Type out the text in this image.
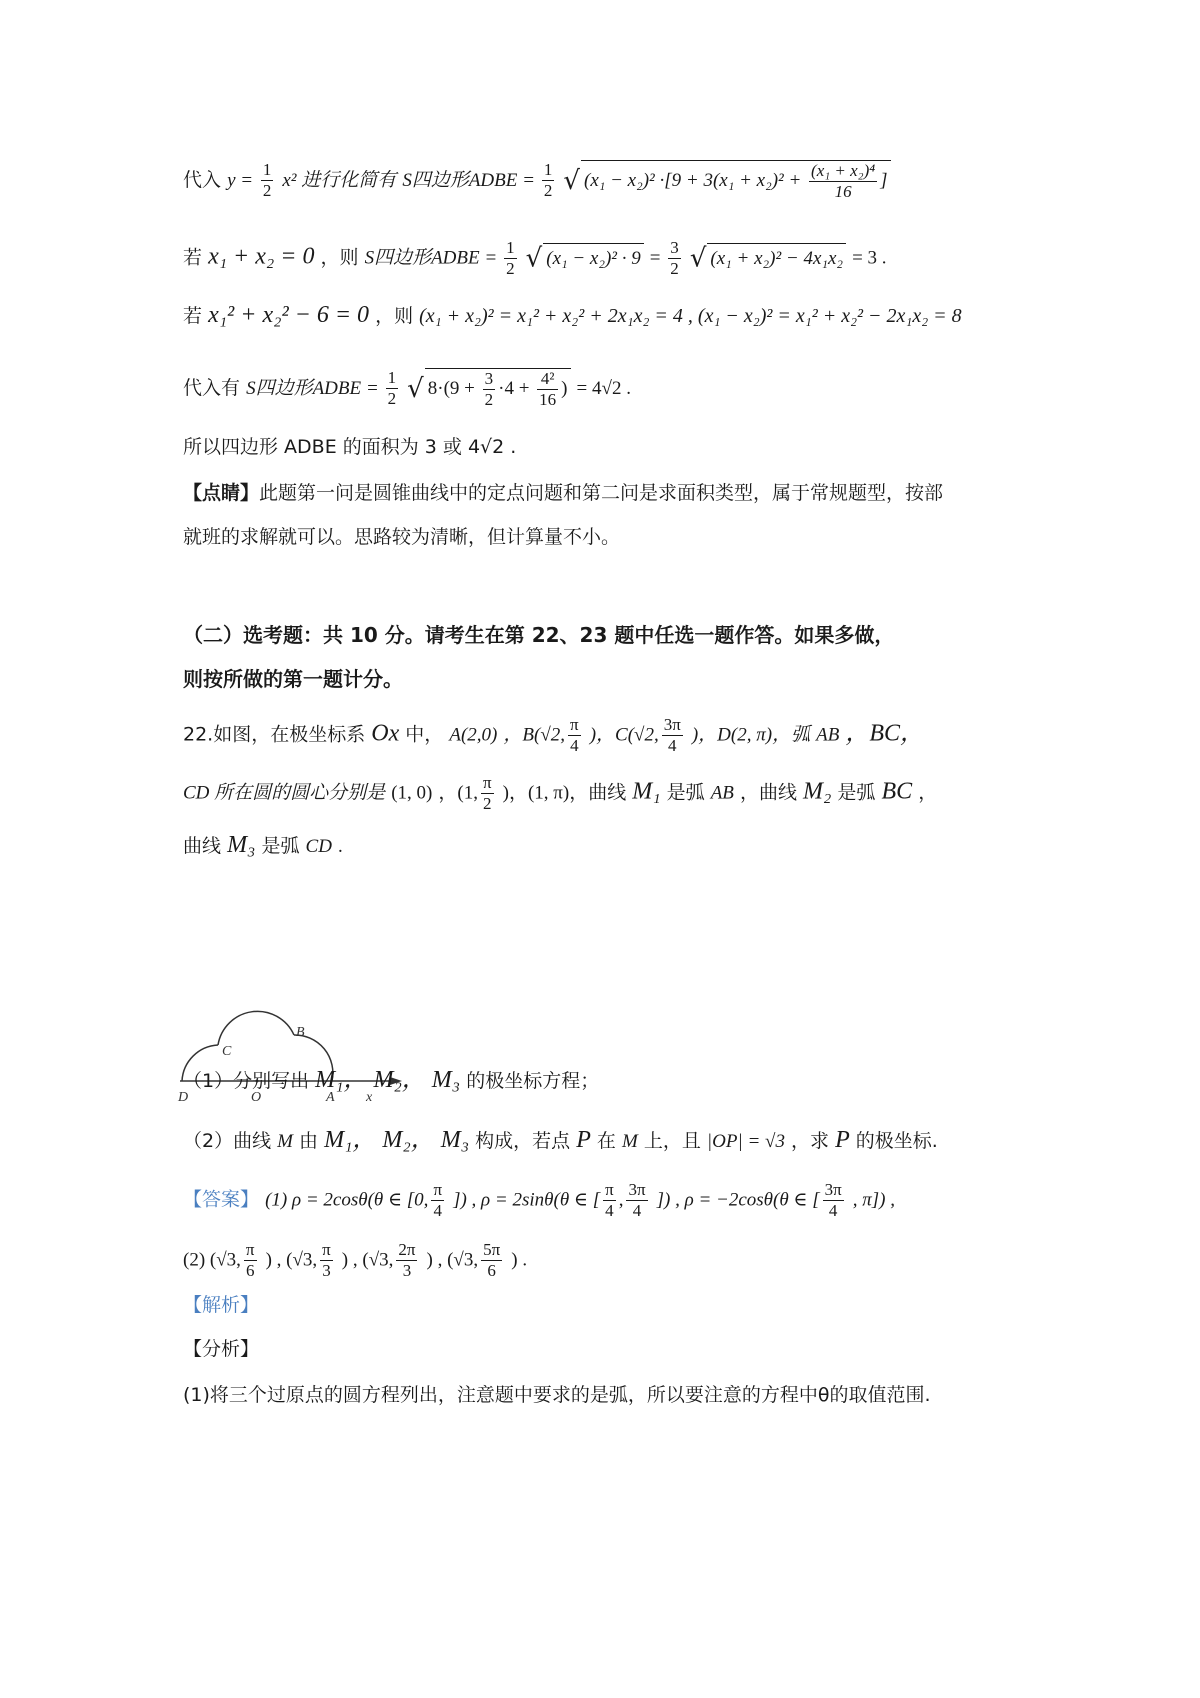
代入 $y = \frac{1}{2} x^2$ 进行化简有 S四边形ADBE = $\frac{1}{2}$ √ $(x_1 - x_2)^2 \cdot[9 + 3(x_1 + x_2)^2 + \frac{\text{(x₁ + x₂)⁴}}{16}$ ]
若 x₁ + x₂ = 0 ，则 S四边形ADBE = $\frac{1}{2}$ √ $(x_1 - x_2)^2 \cdot 9 = \frac{3}{2}$ √ (x₁ + x₂)² − 4x₁x₂ = 3 .
若 x₁² + x₂² − 6 = 0 ，则 (x₁ + x₂)² = x₁² + x₂² + 2x₁x₂ = 4 , (x₁ − x₂)² = x₁² + x₂² − 2x₁x₂ = 8
代入有 S四边形ADBE = $\frac{1}{2}$ √ $8\cdot(9 + \frac{3}{2} \cdot 4 + \frac{\text{4²}}{16}$ ) = 4√2 .
所以四边形 ADBE 的面积为 3 或 4√2 .
【点睛】此题第一问是圆锥曲线中的定点问题和第二问是求面积类型，属于常规题型，按部
就班的求解就可以。思路较为清晰，但计算量不小。
（二）选考题：共 10 分。请考生在第 22、23 题中任选一题作答。如果多做，
则按所做的第一题计分。
22.如图，在极坐标系 Ox 中， A(2,0) ，B(√2, $\frac{\pi}{4}$ )，C(√2, $\frac{3\pi}{4}$ )，D(2, π)，弧 AB ，BC，
CD 所在圆的圆心分别是 (1, 0) ，(1, $\frac{\pi}{2}$ )，(1, π)，曲线 M₁ 是弧 AB ，曲线 M₂ 是弧 BC ，
曲线 M₃ 是弧 CD .
D	O	A x
B
C
（1）分别写出 M₁， M₂， M₃ 的极坐标方程；
（2）曲线 M 由 M₁， M₂， M₃ 构成，若点 P 在 M 上，且 |OP| = √3 ，求 P 的极坐标.
【答案】 (1) ρ = 2cosθ(θ ∈ [0, $\frac{\pi}{4}$ ]) , ρ = 2sinθ(θ ∈ [ $\frac{\pi}{4}$ , $\frac{3\pi}{4}$ ]) , ρ = −2cosθ(θ ∈ [ $\frac{3\pi}{4}$ , π]) ,
(2) (√3, $\frac{\pi}{6}$ ) , (√3, $\frac{\pi}{3}$ ) , (√3, $\frac{2\pi}{3}$ ) , (√3, $\frac{5\pi}{6}$ ) .
【解析】
【分析】
(1)将三个过原点的圆方程列出，注意题中要求的是弧，所以要注意的方程中θ的取值范围.
